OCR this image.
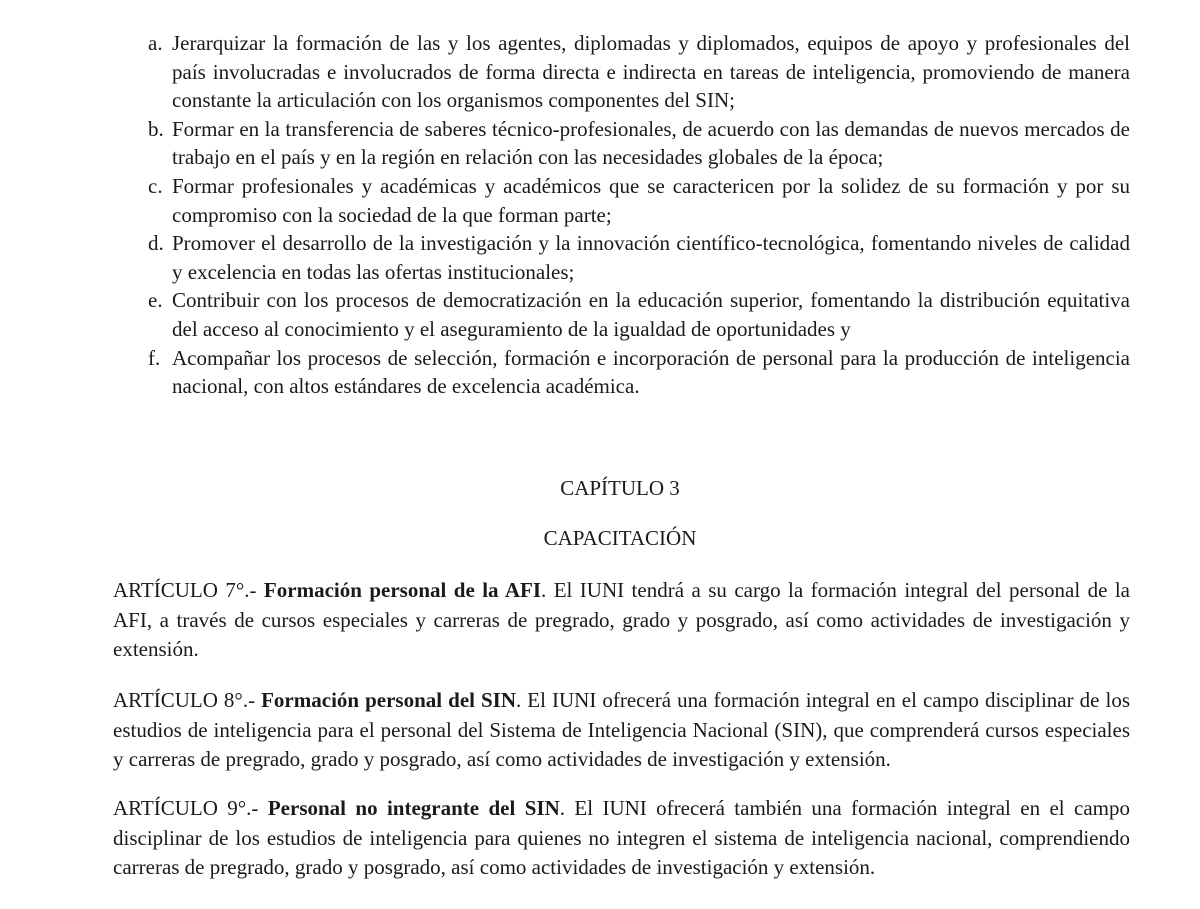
a. Jerarquizar la formación de las y los agentes, diplomadas y diplomados, equipos de apoyo y profesionales del país involucradas e involucrados de forma directa e indirecta en tareas de inteligencia, promoviendo de manera constante la articulación con los organismos componentes del SIN;
b. Formar en la transferencia de saberes técnico-profesionales, de acuerdo con las demandas de nuevos mercados de trabajo en el país y en la región en relación con las necesidades globales de la época;
c. Formar profesionales y académicas y académicos que se caractericen por la solidez de su formación y por su compromiso con la sociedad de la que forman parte;
d. Promover el desarrollo de la investigación y la innovación científico-tecnológica, fomentando niveles de calidad y excelencia en todas las ofertas institucionales;
e. Contribuir con los procesos de democratización en la educación superior, fomentando la distribución equitativa del acceso al conocimiento y el aseguramiento de la igualdad de oportunidades y
f. Acompañar los procesos de selección, formación e incorporación de personal para la producción de inteligencia nacional, con altos estándares de excelencia académica.
CAPÍTULO 3
CAPACITACIÓN

ARTÍCULO 7°.- Formación personal de la AFI. El IUNI tendrá a su cargo la formación integral del personal de la AFI, a través de cursos especiales y carreras de pregrado, grado y posgrado, así como actividades de investigación y extensión.

ARTÍCULO 8°.- Formación personal del SIN. El IUNI ofrecerá una formación integral en el campo disciplinar de los estudios de inteligencia para el personal del Sistema de Inteligencia Nacional (SIN), que comprenderá cursos especiales y carreras de pregrado, grado y posgrado, así como actividades de investigación y extensión.

ARTÍCULO 9°.- Personal no integrante del SIN. El IUNI ofrecerá también una formación integral en el campo disciplinar de los estudios de inteligencia para quienes no integren el sistema de inteligencia nacional, comprendiendo carreras de pregrado, grado y posgrado, así como actividades de investigación y extensión.
